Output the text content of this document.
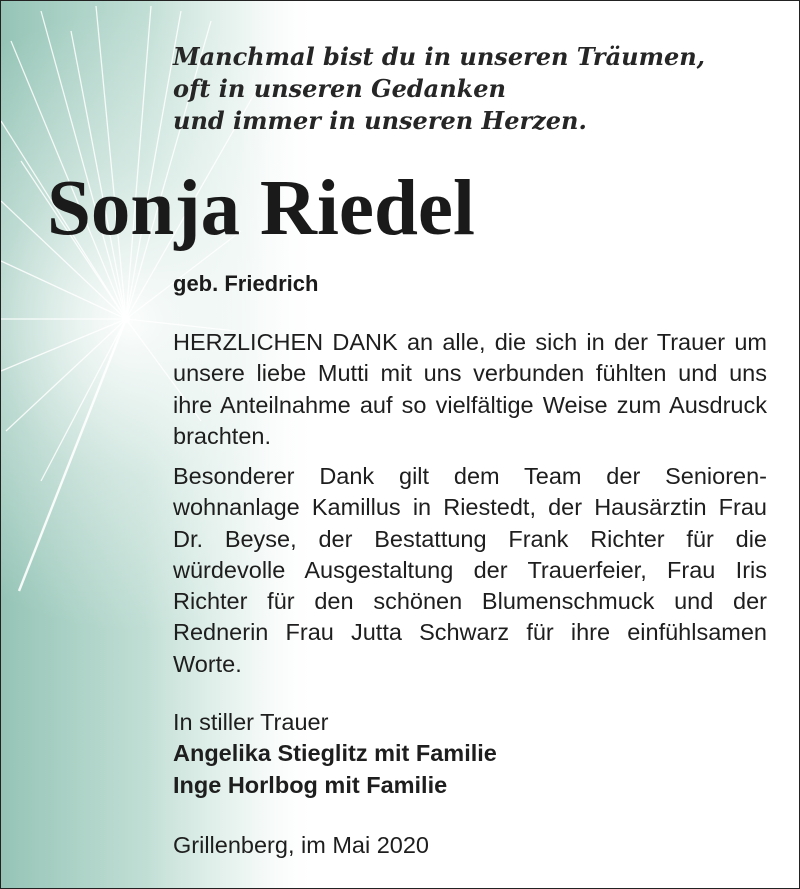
Manchmal bist du in unseren Träumen,
oft in unseren Gedanken
und immer in unseren Herzen.
Sonja Riedel

geb. Friedrich

HERZLICHEN DANK an alle, die sich in der Trauer um unsere liebe Mutti mit uns verbunden fühlten und uns ihre Anteilnahme auf so vielfältige Weise zum Ausdruck brachten.

Besonderer Dank gilt dem Team der Senioren-wohnanlage Kamillus in Riestedt, der Hausärztin Frau Dr. Beyse, der Bestattung Frank Richter für die würdevolle Ausgestaltung der Trauerfeier, Frau Iris Richter für den schönen Blumenschmuck und der Rednerin Frau Jutta Schwarz für ihre einfühlsamen Worte.

In stiller Trauer
Angelika Stieglitz mit Familie
Inge Horlbog mit Familie

Grillenberg, im Mai 2020
